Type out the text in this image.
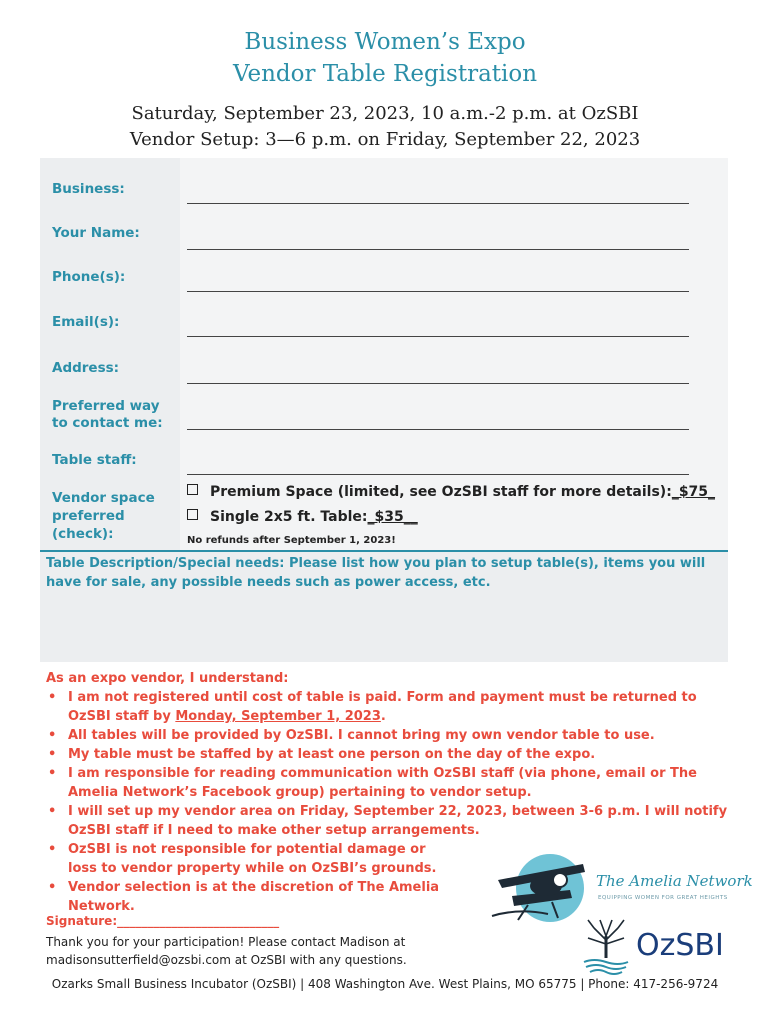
Business Women’s Expo
Vendor Table Registration
Saturday, September 23, 2023, 10 a.m.-2 p.m. at OzSBI
Vendor Setup: 3—6 p.m. on Friday, September 22, 2023
Business:
Your Name:
Phone(s):
Email(s):
Address:
Preferred way
to contact me:
Table staff:
Vendor space
preferred
(check):
Premium Space (limited, see OzSBI staff for more details):_$75_
Single 2x5 ft. Table:_$35__
No refunds after September 1, 2023!
Table Description/Special needs: Please list how you plan to setup table(s), items you will have for sale, any possible needs such as power access, etc.
As an expo vendor, I understand:
• I am not registered until cost of table is paid. Form and payment must be returned to OzSBI staff by Monday, September 1, 2023.
• All tables will be provided by OzSBI. I cannot bring my own vendor table to use.
• My table must be staffed by at least one person on the day of the expo.
• I am responsible for reading communication with OzSBI staff (via phone, email or The Amelia Network’s Facebook group) pertaining to vendor setup.
• I will set up my vendor area on Friday, September 22, 2023, between 3-6 p.m. I will notify OzSBI staff if I need to make other setup arrangements.
• OzSBI is not responsible for potential damage or
loss to vendor property while on OzSBI’s grounds.
• Vendor selection is at the discretion of The Amelia
Network.
Signature:___________________________
Thank you for your participation! Please contact Madison at
madisonsutterfield@ozsbi.com at OzSBI with any questions.
The Amelia Network
EQUIPPING WOMEN FOR GREAT HEIGHTS
OzSBI
Ozarks Small Business Incubator (OzSBI) | 408 Washington Ave. West Plains, MO 65775 | Phone: 417-256-9724
